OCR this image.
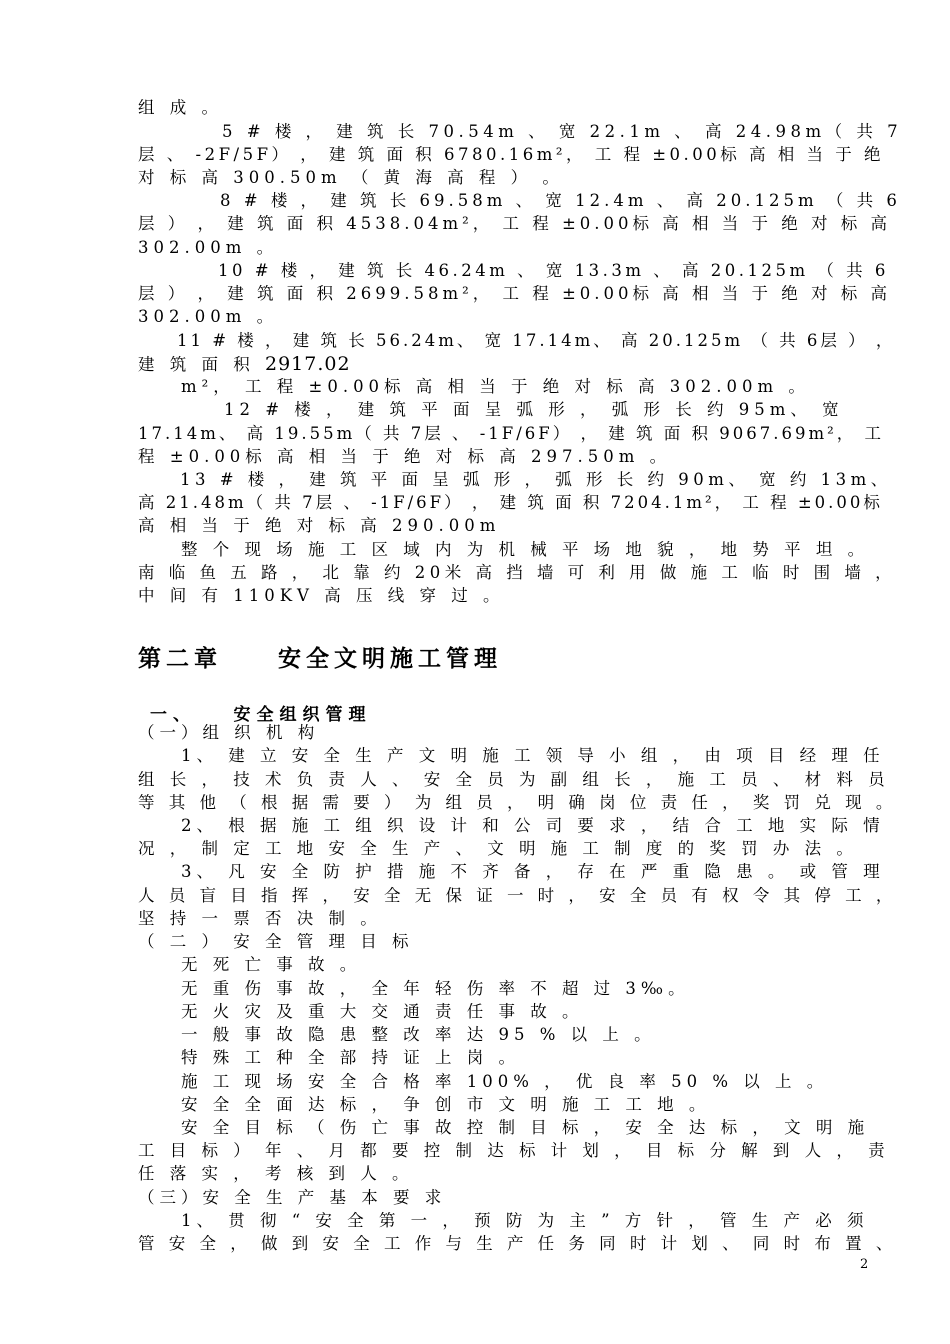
组 成 。

　　　　5 # 楼 ， 建 筑 长 70.54m 、 宽 22.1m 、 高 24.98m（ 共 7

层 、 -2F/5F） ， 建 筑 面 积 6780.16m²， 工 程 ±0.00标 高 相 当 于 绝

对 标 高 300.50m （ 黄 海 高 程 ） 。

　　　　8 # 楼 ， 建 筑 长 69.58m 、 宽 12.4m 、 高 20.125m （ 共 6

层 ） ， 建 筑 面 积 4538.04m²， 工 程 ±0.00标 高 相 当 于 绝 对 标 高

302.00m 。

　　　　10 # 楼 ， 建 筑 长 46.24m 、 宽 13.3m 、 高 20.125m （ 共 6

层 ） ， 建 筑 面 积 2699.58m²， 工 程 ±0.00标 高 相 当 于 绝 对 标 高

302.00m 。

　　11 # 楼 ， 建 筑 长 56.24m、 宽 17.14m、 高 20.125m （ 共 6层 ） ，

建 筑 面 积 2917.02

　　m²， 工 程 ±0.00标 高 相 当 于 绝 对 标 高 302.00m 。

　　　　12 # 楼 ， 建 筑 平 面 呈 弧 形 ， 弧 形 长 约 95m、 宽

17.14m、 高 19.55m（ 共 7层 、 -1F/6F） ， 建 筑 面 积 9067.69m²， 工

程 ±0.00标 高 相 当 于 绝 对 标 高 297.50m 。

　　13 # 楼 ， 建 筑 平 面 呈 弧 形 ， 弧 形 长 约 90m、 宽 约 13m、

高 21.48m（ 共 7层 、 -1F/6F） ， 建 筑 面 积 7204.1m²， 工 程 ±0.00标

高 相 当 于 绝 对 标 高 290.00m

　　整 个 现 场 施 工 区 域 内 为 机 械 平 场 地 貌 ， 地 势 平 坦 。

南 临 鱼 五 路 ， 北 靠 约 20米 高 挡 墙 可 利 用 做 施 工 临 时 围 墙 ，

中 间 有 110KV 高 压 线 穿 过 。

第二章　　安全文明施工管理
一、　　安全组织管理

（一）组 织 机 构

　　1、 建 立 安 全 生 产 文 明 施 工 领 导 小 组 ， 由 项 目 经 理 任

组 长 ， 技 术 负 责 人 、 安 全 员 为 副 组 长 ， 施 工 员 、 材 料 员

等 其 他 （ 根 据 需 要 ） 为 组 员 ， 明 确 岗 位 责 任 ， 奖 罚 兑 现 。

　　2、 根 据 施 工 组 织 设 计 和 公 司 要 求 ， 结 合 工 地 实 际 情

况 ， 制 定 工 地 安 全 生 产 、 文 明 施 工 制 度 的 奖 罚 办 法 。

　　3、 凡 安 全 防 护 措 施 不 齐 备 ， 存 在 严 重 隐 患 。 或 管 理

人 员 盲 目 指 挥 ， 安 全 无 保 证 一 时 ， 安 全 员 有 权 令 其 停 工 ，

坚 持 一 票 否 决 制 。

（ 二 ） 安 全 管 理 目 标

　　无 死 亡 事 故 。

　　无 重 伤 事 故 ， 全 年 轻 伤 率 不 超 过 3‰。

　　无 火 灾 及 重 大 交 通 责 任 事 故 。

　　一 般 事 故 隐 患 整 改 率 达 95 % 以 上 。

　　特 殊 工 种 全 部 持 证 上 岗 。

　　施 工 现 场 安 全 合 格 率 100% ， 优 良 率 50 % 以 上 。

　　安 全 全 面 达 标 ， 争 创 市 文 明 施 工 工 地 。

　　安 全 目 标 （ 伤 亡 事 故 控 制 目 标 ， 安 全 达 标 ， 文 明 施

工 目 标 ） 年 、 月 都 要 控 制 达 标 计 划 ， 目 标 分 解 到 人 ， 责

任 落 实 ， 考 核 到 人 。

（三）安 全 生 产 基 本 要 求

　　1、 贯 彻 “ 安 全 第 一 ， 预 防 为 主 ” 方 针 ， 管 生 产 必 须

管 安 全 ， 做 到 安 全 工 作 与 生 产 任 务 同 时 计 划 、 同 时 布 置 、

2
